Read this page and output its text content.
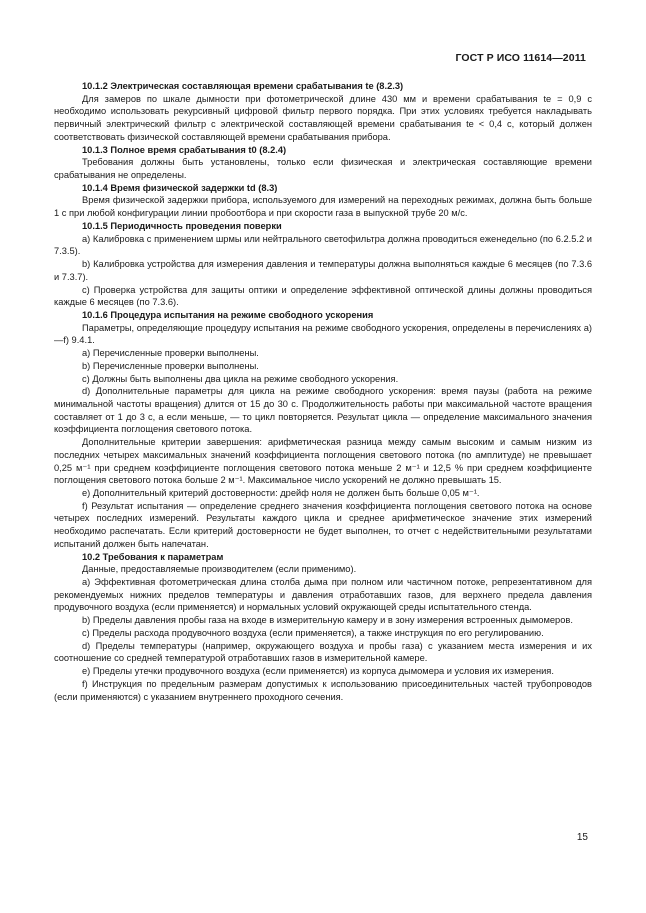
ГОСТ Р ИСО 11614—2011

10.1.2 Электрическая составляющая времени срабатывания tе (8.2.3)

Для замеров по шкале дымности при фотометрической длине 430 мм и времени срабатывания tе = 0,9 с необходимо использовать рекурсивный цифровой фильтр первого порядка. При этих условиях требуется накладывать первичный электрический фильтр с электрической составляющей времени срабатывания tе < 0,4 с, который должен соответствовать физической составляющей времени срабатывания прибора.

10.1.3 Полное время срабатывания t0 (8.2.4)

Требования должны быть установлены, только если физическая и электрическая составляющие времени срабатывания не определены.

10.1.4 Время физической задержки td (8.3)

Время физической задержки прибора, используемого для измерений на переходных режимах, должна быть больше 1 с при любой конфигурации линии пробоотбора и при скорости газа в выпускной трубе 20 м/с.

10.1.5 Периодичность проведения поверки

a) Калибровка с применением шрмы или нейтрального светофильтра должна проводиться еженедельно (по 6.2.5.2 и 7.3.5).

b) Калибровка устройства для измерения давления и температуры должна выполняться каждые 6 месяцев (по 7.3.6 и 7.3.7).

c) Проверка устройства для защиты оптики и определение эффективной оптической длины должны проводиться каждые 6 месяцев (по 7.3.6).

10.1.6 Процедура испытания на режиме свободного ускорения

Параметры, определяющие процедуру испытания на режиме свободного ускорения, определены в перечислениях а)—f) 9.4.1.

a) Перечисленные проверки выполнены.

b) Перечисленные проверки выполнены.

c) Должны быть выполнены два цикла на режиме свободного ускорения.

d) Дополнительные параметры для цикла на режиме свободного ускорения: время паузы (работа на режиме минимальной частоты вращения) длится от 15 до 30 с. Продолжительность работы при максимальной частоте вращения составляет от 1 до 3 с, а если меньше, — то цикл повторяется. Результат цикла — определение максимального значения коэффициента поглощения светового потока.

Дополнительные критерии завершения: арифметическая разница между самым высоким и самым низким из последних четырех максимальных значений коэффициента поглощения светового потока (по амплитуде) не превышает 0,25 м⁻¹ при среднем коэффициенте поглощения светового потока меньше 2 м⁻¹ и 12,5 % при среднем коэффициенте поглощения светового потока больше 2 м⁻¹. Максимальное число ускорений не должно превышать 15.

e) Дополнительный критерий достоверности: дрейф ноля не должен быть больше 0,05 м⁻¹.

f) Результат испытания — определение среднего значения коэффициента поглощения светового потока на основе четырех последних измерений. Результаты каждого цикла и среднее арифметическое значение этих измерений необходимо распечатать. Если критерий достоверности не будет выполнен, то отчет с недействительными результатами испытаний должен быть напечатан.

10.2 Требования к параметрам

Данные, предоставляемые производителем (если применимо).

a) Эффективная фотометрическая длина столба дыма при полном или частичном потоке, репрезентативном для рекомендуемых нижних пределов температуры и давления отработавших газов, для верхнего предела давления продувочного воздуха (если применяется) и нормальных условий окружающей среды испытательного стенда.

b) Пределы давления пробы газа на входе в измерительную камеру и в зону измерения встроенных дымомеров.

c) Пределы расхода продувочного воздуха (если применяется), а также инструкция по его регулированию.

d) Пределы температуры (например, окружающего воздуха и пробы газа) с указанием места измерения и их соотношение со средней температурой отработавших газов в измерительной камере.

e) Пределы утечки продувочного воздуха (если применяется) из корпуса дымомера и условия их измерения.

f) Инструкция по предельным размерам допустимых к использованию присоединительных частей трубопроводов (если применяются) с указанием внутреннего проходного сечения.

15
